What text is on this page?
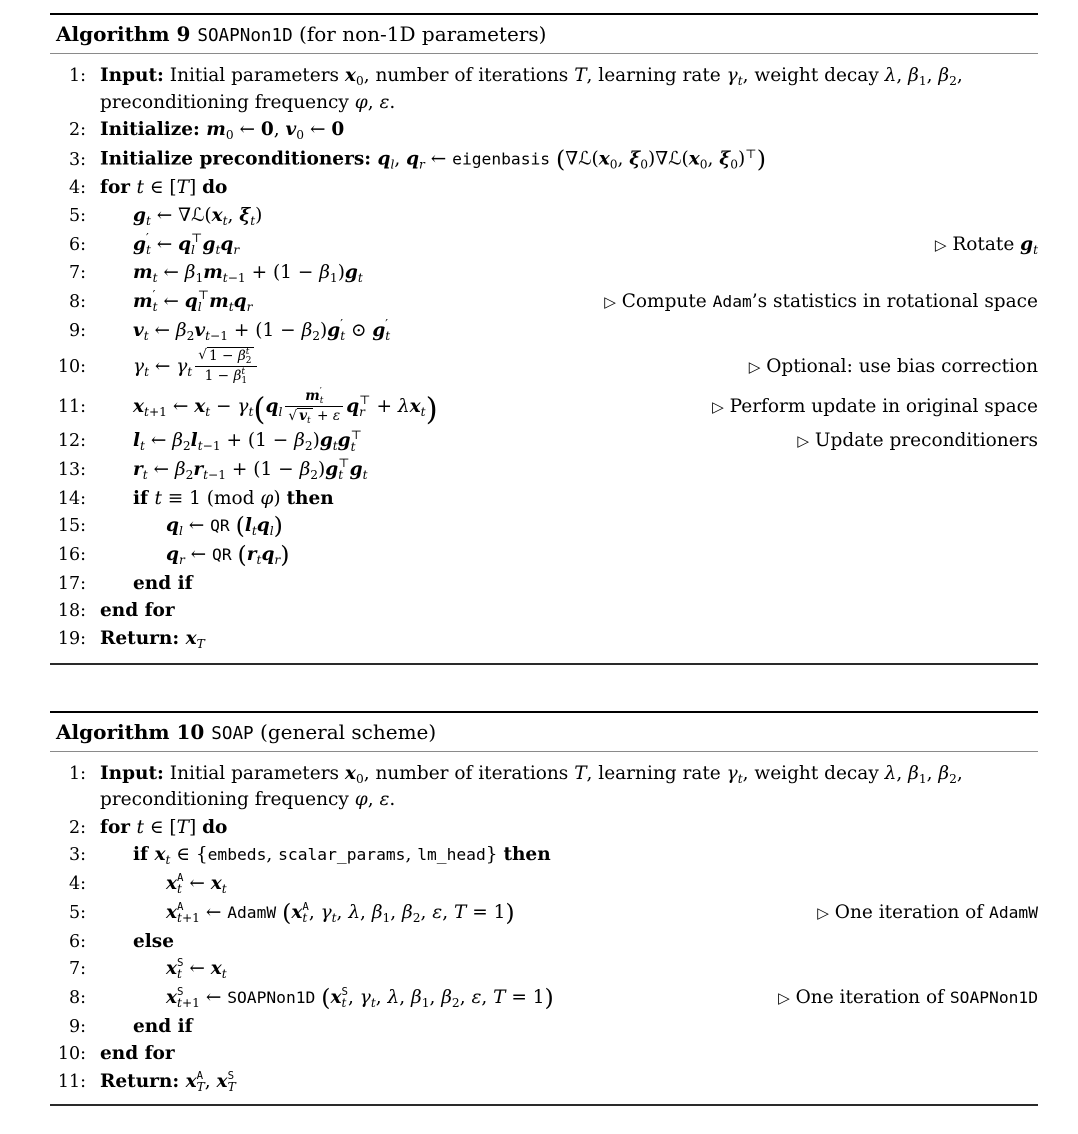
Algorithm 9 SOAPNon1D (for non-1D parameters)
1: Input: Initial parameters $x_0$, number of iterations T, learning rate $\gamma_t$, weight decay λ, $\beta_1$, $\beta_2$,
preconditioning frequency φ, ε.
2: Initialize: $m_0$ ← 0, $v_0$ ← 0
3: Initialize preconditioners: $q_l$, $q_r$ ← eigenbasis ($\nabla ℒ(x_0$, $\xi_0)\nabla ℒ(x_0$, $\xi_0)^⊤$)
4: for t ∈ [T] do
5:	$g_t$ ← $\nabla ℒ(x_t$, $\xi_t$)
6:	g ′
t ← q ⊤
l $g_tq_r$	▷ Rotate $g_t$
7:	$m_t$ ← $\beta_1m_{t-1} + (1 - \beta_1)g_t$
8:	m ′
t ← q ⊤
l $m_tq_r$	▷ Compute Adam’s statistics in rotational space
9:	$v_t$ ← $\beta_2v_{t-1} + (1 - \beta_2)g$ ′
t ⊙ g ′
t
10:	$\gamma_t$ ← $\gamma_t$ √ 1 − β t
2
1 − β t
1	▷ Optional: use bias correction
11:	$x_{t+1}$ ← $x_t - \gamma_t(q_l$ m ′
t
√ $v_t + \varepsilon$ q ⊤
$r + \lambda x_t$)	▷ Perform update in original space
12:	$l_t$ ← $\beta_2l_{t-1} + (1 - \beta_2)g_tg$ ⊤
t	▷ Update preconditioners
13:	$r_t$ ← $\beta_2r_{t-1} + (1 - \beta_2)g$ ⊤
t $g_t$
14:	if t ≡ 1 (mod φ) then
15:	$q_l$ ← QR $(l_tq_l)$
16:	$q_r$ ← QR $(r_tq_r)$
17:	end if
18: end for
19: Return: $x_T$
Algorithm 10 SOAP (general scheme)
1: Input: Initial parameters $x_0$, number of iterations T, learning rate $\gamma_t$, weight decay λ, $\beta_1$, $\beta_2$,
preconditioning frequency φ, ε.
2: for t ∈ [T] do
3:	if $x_t$ ∈ {embeds, scalar_params, lm_head} then
4:	x A
t ← $x_t$
5:	x A
t+1 ← AdamW (x A
t , $\gamma_t$, λ, $\beta_1$, $\beta_2$, ε, T = 1)	▷ One iteration of AdamW
6:	else
7:	x S
t ← $x_t$
8:	x S
t+1 ← SOAPNon1D (x S
t , $\gamma_t$, λ, $\beta_1$, $\beta_2$, ε, T = 1)	▷ One iteration of SOAPNon1D
9:	end if
10: end for
11: Return: x A
T , x S
T
